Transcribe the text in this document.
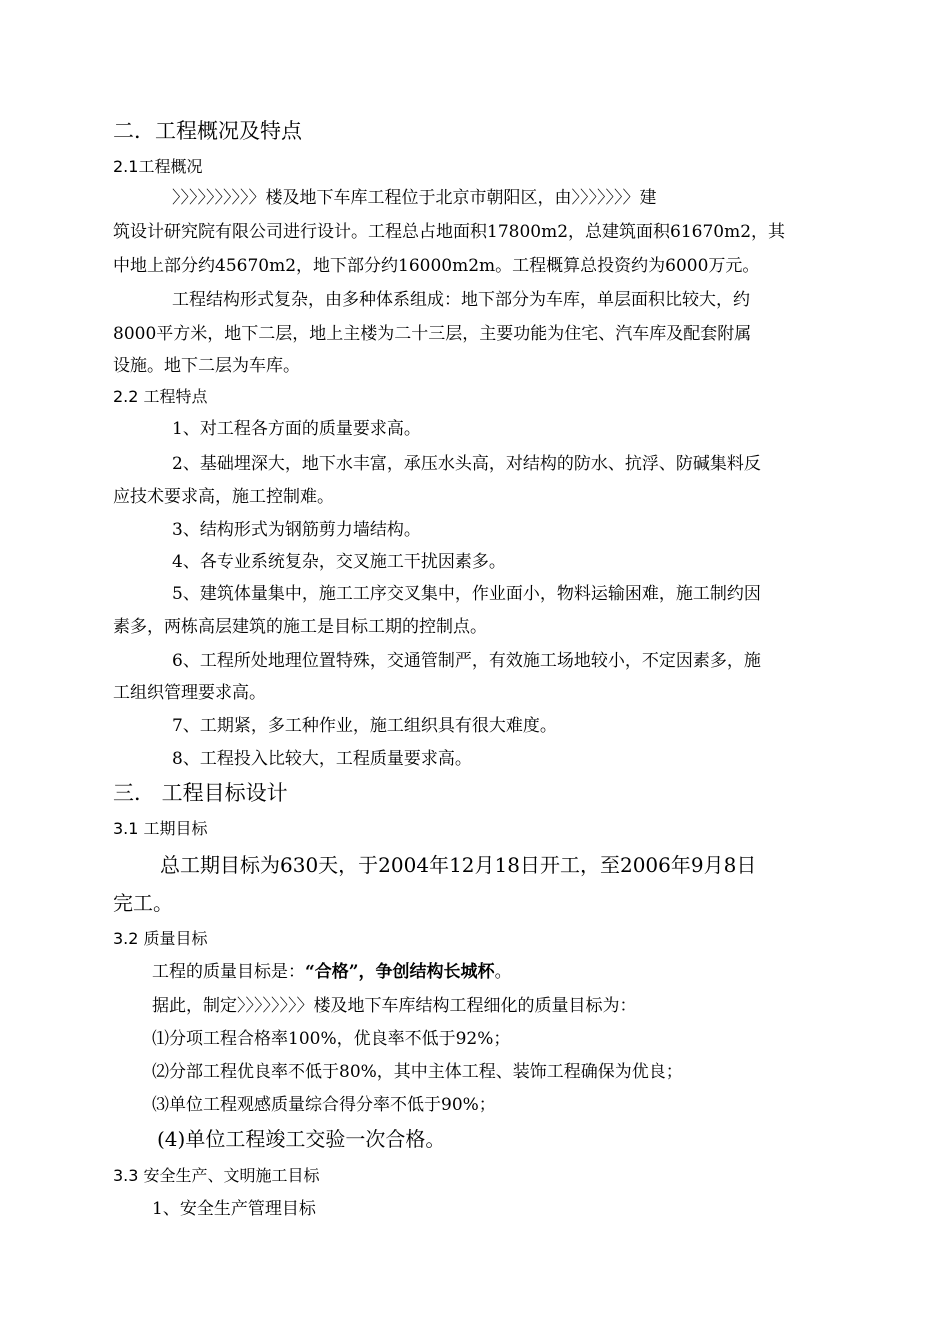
二．工程概况及特点
2.1工程概况
〉〉〉〉〉〉〉〉〉〉楼及地下车库工程位于北京市朝阳区，由〉〉〉〉〉〉〉建
筑设计研究院有限公司进行设计。工程总占地面积17800m2，总建筑面积61670m2，其
中地上部分约45670m2，地下部分约16000m2m。工程概算总投资约为6000万元。
工程结构形式复杂，由多种体系组成：地下部分为车库，单层面积比较大，约
8000平方米，地下二层，地上主楼为二十三层，主要功能为住宅、汽车库及配套附属
设施。地下二层为车库。
2.2 工程特点
1、对工程各方面的质量要求高。
2、基础埋深大，地下水丰富，承压水头高，对结构的防水、抗浮、防碱集料反
应技术要求高，施工控制难。
3、结构形式为钢筋剪力墙结构。
4、各专业系统复杂，交叉施工干扰因素多。
5、建筑体量集中，施工工序交叉集中，作业面小，物料运输困难，施工制约因
素多，两栋高层建筑的施工是目标工期的控制点。
6、工程所处地理位置特殊，交通管制严，有效施工场地较小，不定因素多，施
工组织管理要求高。
7、工期紧，多工种作业，施工组织具有很大难度。
8、工程投入比较大，工程质量要求高。
三． 工程目标设计
3.1 工期目标
总工期目标为630天，于2004年12月18日开工，至2006年9月8日
完工。
3.2 质量目标
工程的质量目标是：“合格”，争创结构长城杯。
据此，制定〉〉〉〉〉〉〉〉楼及地下车库结构工程细化的质量目标为：
⑴分项工程合格率100%，优良率不低于92%；
⑵分部工程优良率不低于80%，其中主体工程、装饰工程确保为优良；
⑶单位工程观感质量综合得分率不低于90%；
(4)单位工程竣工交验一次合格。
3.3 安全生产、文明施工目标
1、安全生产管理目标
